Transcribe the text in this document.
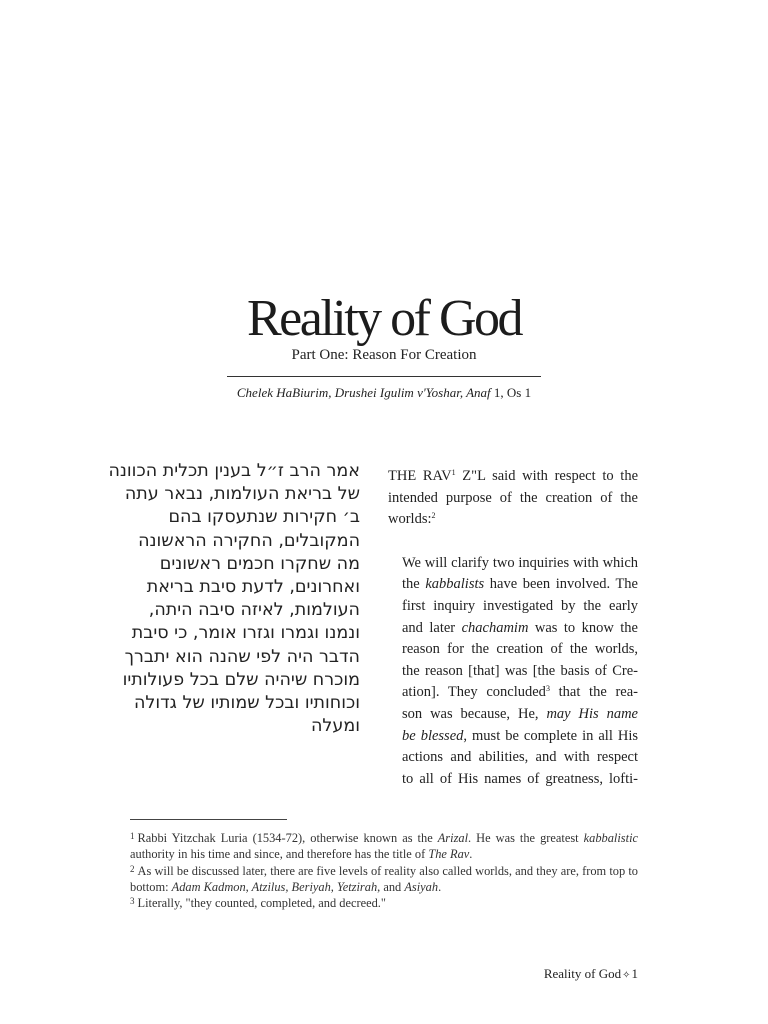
Reality of God
Part One: Reason For Creation
Chelek HaBiurim, Drushei Igulim v'Yoshar, Anaf 1, Os 1
אמר הרב ז״ל בענין תכלית הכוונה
של בריאת העולמות, נבאר עתה
ב׳ חקירות שנתעסקו בהם
המקובלים, החקירה הראשונה
מה שחקרו חכמים ראשונים
ואחרונים, לדעת סיבת בריאת
העולמות, לאיזה סיבה היתה,
ונמנו וגמרו וגזרו אומר, כי סיבת
הדבר היה לפי שהנה הוא יתברך
מוכרח שיהיה שלם בכל פעולותיו
וכוחותיו ובכל שמותיו של גדולה
ומעלה
THE RAV$^1$ Z"L said with respect to the
intended purpose of the creation of the
worlds:$^2$
We will clarify two inquiries with which
the kabbalists have been involved. The
first inquiry investigated by the early
and later chachamim was to know the
reason for the creation of the worlds,
the reason [that] was [the basis of Cre-
ation]. They concluded$^3$ that the rea-
son was because, He, may His name
be blessed, must be complete in all His
actions and abilities, and with respect
to all of His names of greatness, lofti-
$^1$ Rabbi Yitzchak Luria (1534-72), otherwise known as the Arizal. He was the greatest kabbalistic
authority in his time and since, and therefore has the title of The Rav.
$^2$ As will be discussed later, there are five levels of reality also called worlds, and they are, from top to
bottom: Adam Kadmon, Atzilus, Beriyah, Yetzirah, and Asiyah.
$^3$ Literally, "they counted, completed, and decreed."
Reality of God✧1
